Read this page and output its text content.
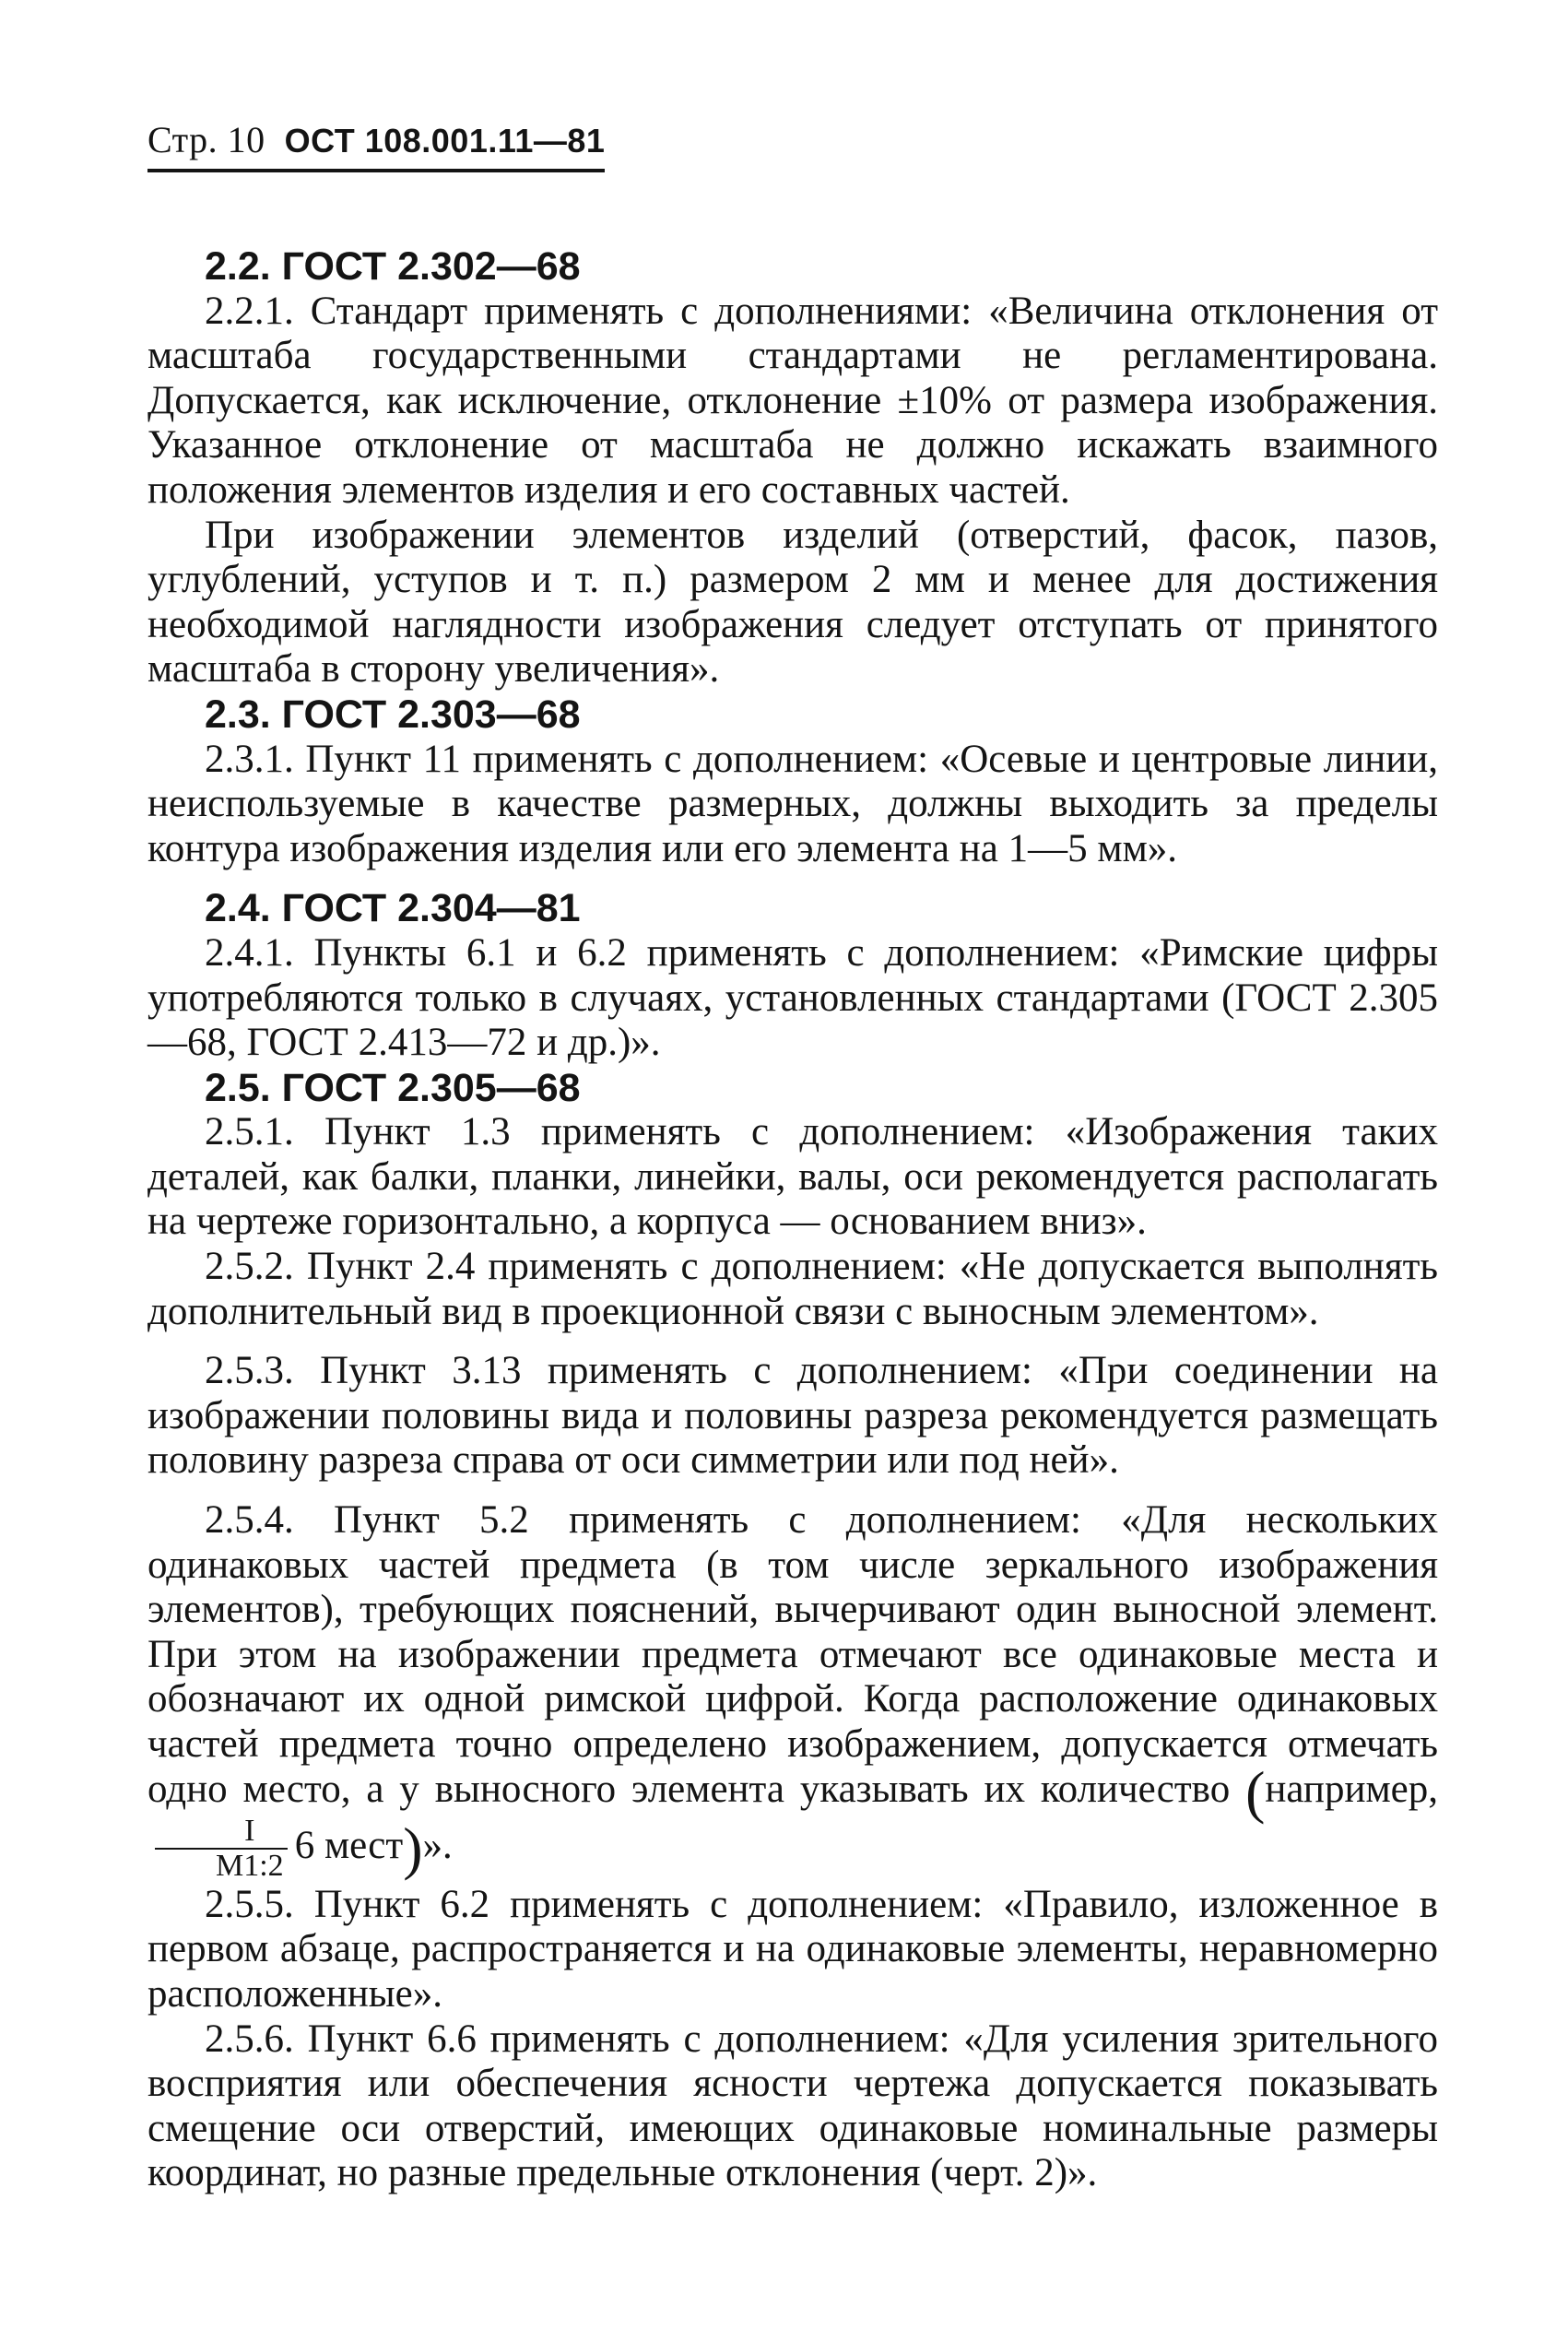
Стр. 10 ОСТ 108.001.11—81
2.2. ГОСТ 2.302—68

2.2.1. Стандарт применять с дополнениями: «Величина отклонения от масштаба государственными стандартами не регламентирована. Допускается, как исключение, отклонение ±10% от размера изображения. Указанное отклонение от масштаба не должно искажать взаимного положения элементов изделия и его составных частей.

При изображении элементов изделий (отверстий, фасок, пазов, углублений, уступов и т. п.) размером 2 мм и менее для достижения необходимой наглядности изображения следует отступать от принятого масштаба в сторону увеличения».

2.3. ГОСТ 2.303—68

2.3.1. Пункт 11 применять с дополнением: «Осевые и центровые линии, неиспользуемые в качестве размерных, должны выходить за пределы контура изображения изделия или его элемента на 1—5 мм».

2.4. ГОСТ 2.304—81

2.4.1. Пункты 6.1 и 6.2 применять с дополнением: «Римские цифры употребляются только в случаях, установленных стандартами (ГОСТ 2.305—68, ГОСТ 2.413—72 и др.)».

2.5. ГОСТ 2.305—68

2.5.1. Пункт 1.3 применять с дополнением: «Изображения таких деталей, как балки, планки, линейки, валы, оси рекомендуется располагать на чертеже горизонтально, а корпуса — основанием вниз».

2.5.2. Пункт 2.4 применять с дополнением: «Не допускается выполнять дополнительный вид в проекционной связи с выносным элементом».

2.5.3. Пункт 3.13 применять с дополнением: «При соединении на изображении половины вида и половины разреза рекомендуется размещать половину разреза справа от оси симметрии или под ней».

2.5.4. Пункт 5.2 применять с дополнением: «Для нескольких одинаковых частей предмета (в том числе зеркального изображения элементов), требующих пояснений, вычерчивают один выносной элемент. При этом на изображении предмета отмечают все одинаковые места и обозначают их одной римской цифрой. Когда расположение одинаковых частей предмета точно определено изображением, допускается отмечать одно место, а у выносного элемента указывать их количество (например,
$\frac{I}{M1:2} 6$ мест)».

2.5.5. Пункт 6.2 применять с дополнением: «Правило, изложенное в первом абзаце, распространяется и на одинаковые элементы, неравномерно расположенные».

2.5.6. Пункт 6.6 применять с дополнением: «Для усиления зрительного восприятия или обеспечения ясности чертежа допускается показывать смещение оси отверстий, имеющих одинаковые номинальные размеры координат, но разные предельные отклонения (черт. 2)».
